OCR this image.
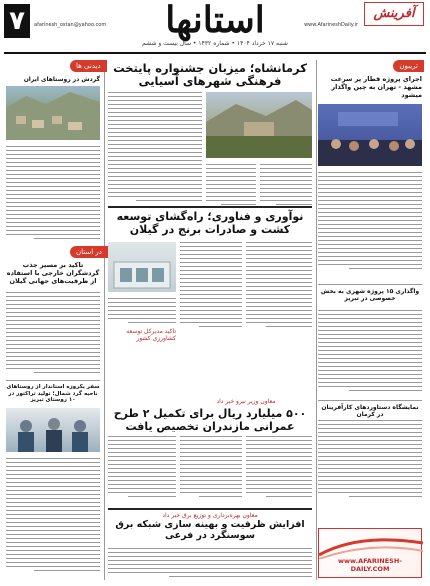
۷	afarinesh_ostan@yahoo.com استانها	www.AfarineshDaily.ir
آفرینش
شنبه ۱۷ خرداد ۱۴۰۴ • شماره ۱۴۳۲ • سال بیست و ششم
تریبون
اجرای پروژه قطار پر سرعت مشهد - تهران به چین واگذار میشود
واگذاری ۱۵ پروژه شهری به بخش خصوصی در تبریز
نمایشگاه دستاوردهای کارآفرینان در کرمان
www.AFARINESH-DAILY.COM
کرمانشاه؛ میزبان جشنواره پایتخت فرهنگی شهرهای آسیایی
نوآوری و فناوری؛ راه‌گشای توسعه کشت و صادرات برنج در گیلان
تاکید مدیرکل توسعه کشاورزی کشور
معاون وزیر نیرو خبر داد
۵۰۰ میلیارد ریال برای تکمیل ۲ طرح عمرانی مازندران تخصیص یافت
معاون بهره‌برداری و توزیع برق خبر داد
افزایش ظرفیت و بهینه سازی شبکه برق سوسنگرد در فرعی
دیدنی ها
گردش در روستاهای ایران
در استان
تاکید بر مسیر جذب گردشگران خارجی با استفاده از ظرفیت‌های جهانی گیلان
سفر یکروزه استاندار از روستاهای ناحیه گرد شمال؛ تولید تراکتور در ۱۰ روستای تبریز
